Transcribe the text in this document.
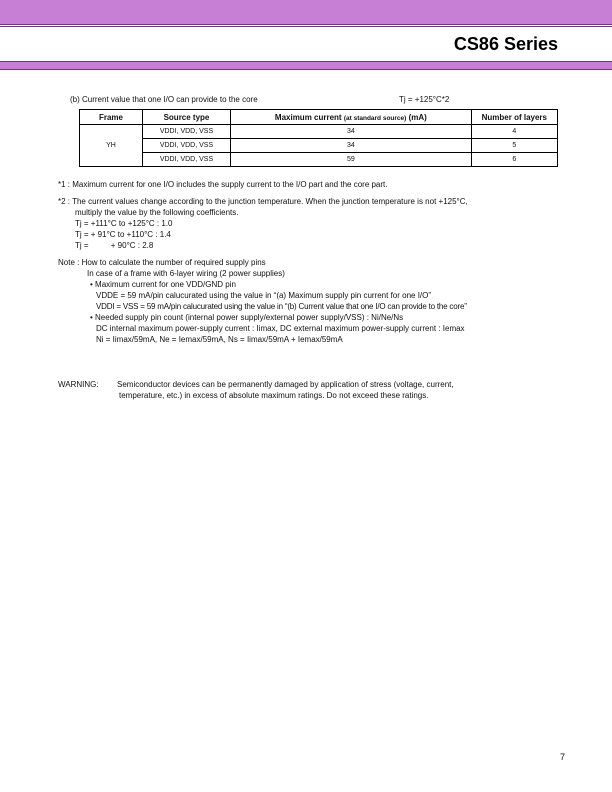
CS86 Series
(b) Current value that one I/O can provide to the core	Tj = +125°C*2
Frame	Source type	Maximum current (at standard source) (mA)	Number of layers
YH	VDDI, VDD, VSS	34	4
	VDDI, VDD, VSS	34	5
	VDDI, VDD, VSS	59	6

*1 : Maximum current for one I/O includes the supply current to the I/O part and the core part.

*2 : The current values change according to the junction temperature. When the junction temperature is not +125°C,

multiply the value by the following coefficients.

Tj = +111°C to +125°C : 1.0

Tj = + 91°C to +110°C : 1.4

Tj =          + 90°C : 2.8

Note : How to calculate the number of required supply pins

In case of a frame with 6-layer wiring (2 power supplies)

• Maximum current for one VDD/GND pin

VDDE = 59 mA/pin calucurated using the value in “(a) Maximum supply pin current for one I/O”

VDDI = VSS = 59 mA/pin calucurated using the value in “(b) Current value that one I/O can provide to the core”

• Needed supply pin count (internal power supply/external power supply/VSS) : Ni/Ne/Ns

DC internal maximum power-supply current : Iimax, DC external maximum power-supply current : Iemax

Ni = Iimax/59mA, Ne = Iemax/59mA, Ns = Iimax/59mA + Iemax/59mA

WARNING: Semiconductor devices can be permanently damaged by application of stress (voltage, current,

temperature, etc.) in excess of absolute maximum ratings. Do not exceed these ratings.

7
